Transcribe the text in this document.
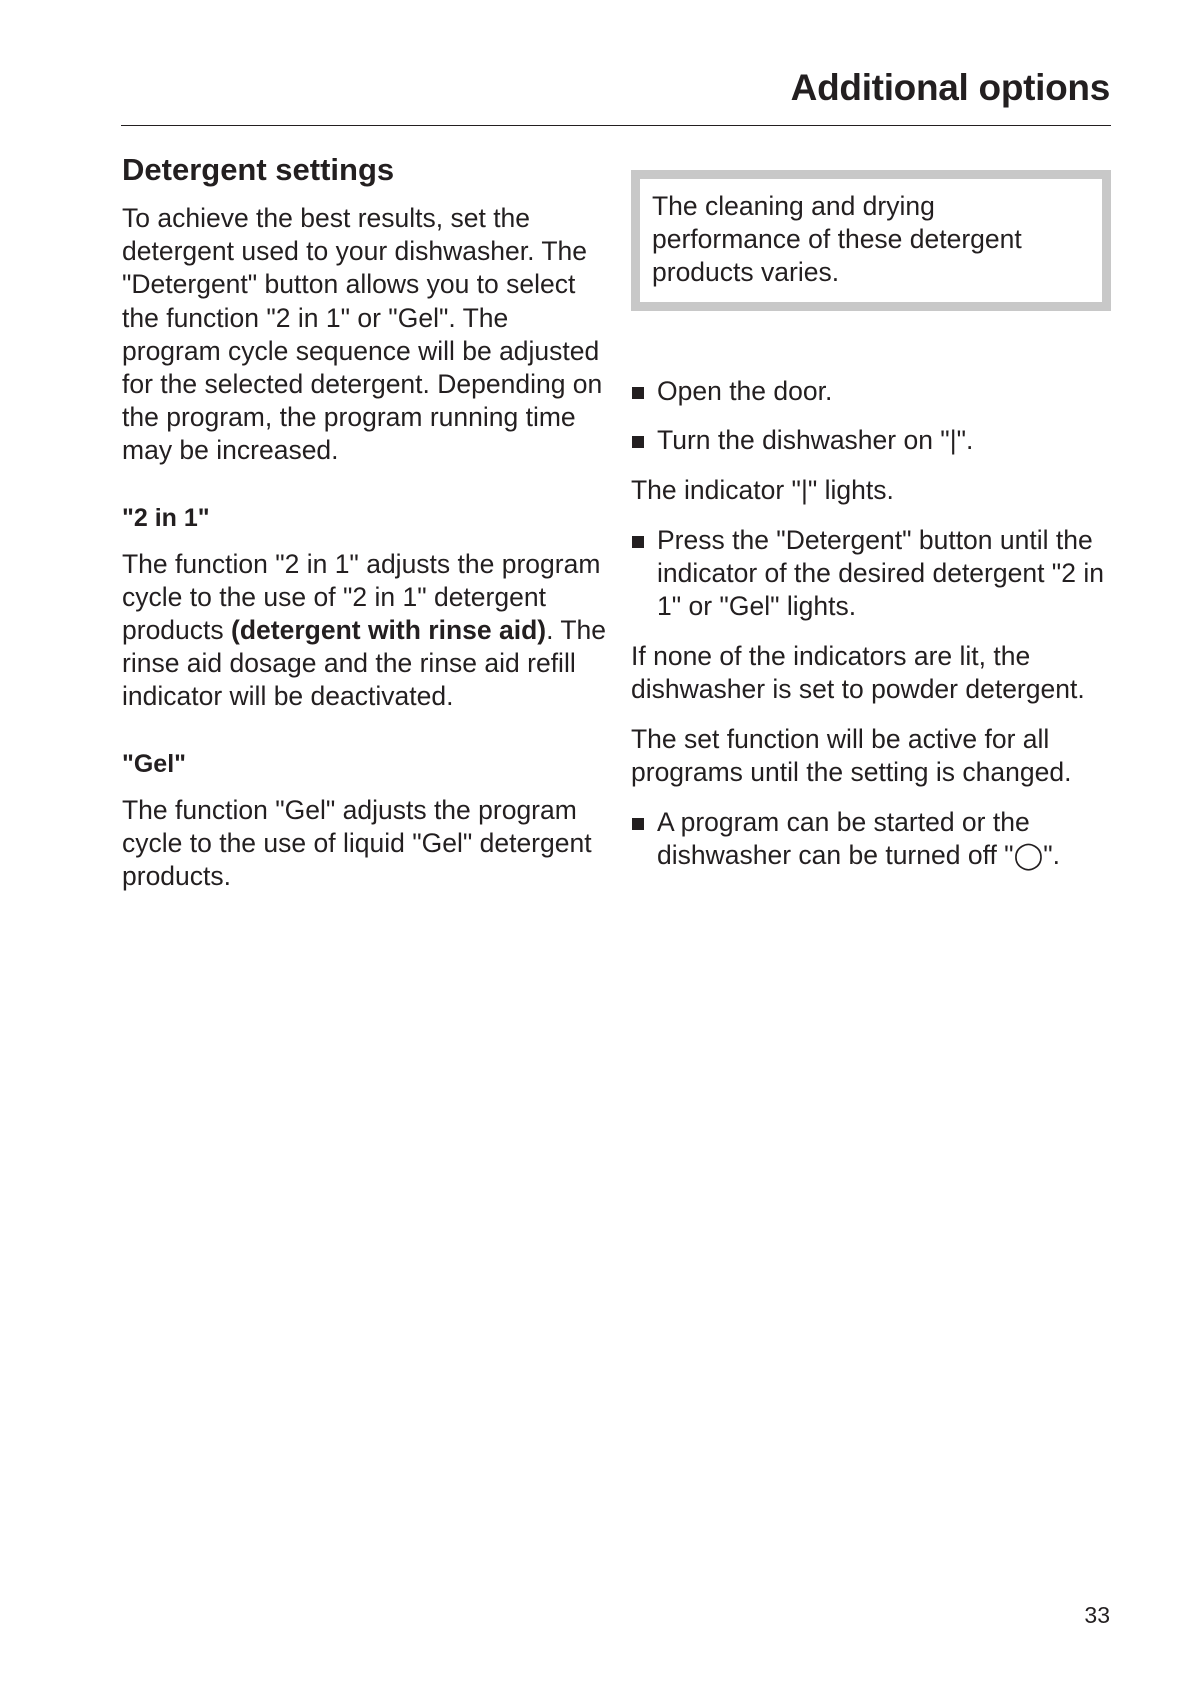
Additional options
Detergent settings

To achieve the best results, set the detergent used to your dishwasher. The "Detergent" button allows you to select the function "2 in 1" or "Gel". The program cycle sequence will be adjusted for the selected detergent. Depending on the program, the program running time may be increased.

"2 in 1"

The function "2 in 1" adjusts the program cycle to the use of "2 in 1" detergent products (detergent with rinse aid). The rinse aid dosage and the rinse aid refill indicator will be deactivated.

"Gel"

The function "Gel" adjusts the program cycle to the use of liquid "Gel" detergent products.

The cleaning and drying performance of these detergent products varies.

Open the door.
Turn the dishwasher on "|".

The indicator "|" lights.

Press the "Detergent" button until the indicator of the desired detergent "2 in 1" or "Gel" lights.

If none of the indicators are lit, the dishwasher is set to powder detergent.

The set function will be active for all programs until the setting is changed.

A program can be started or the dishwasher can be turned off "◯".

33
